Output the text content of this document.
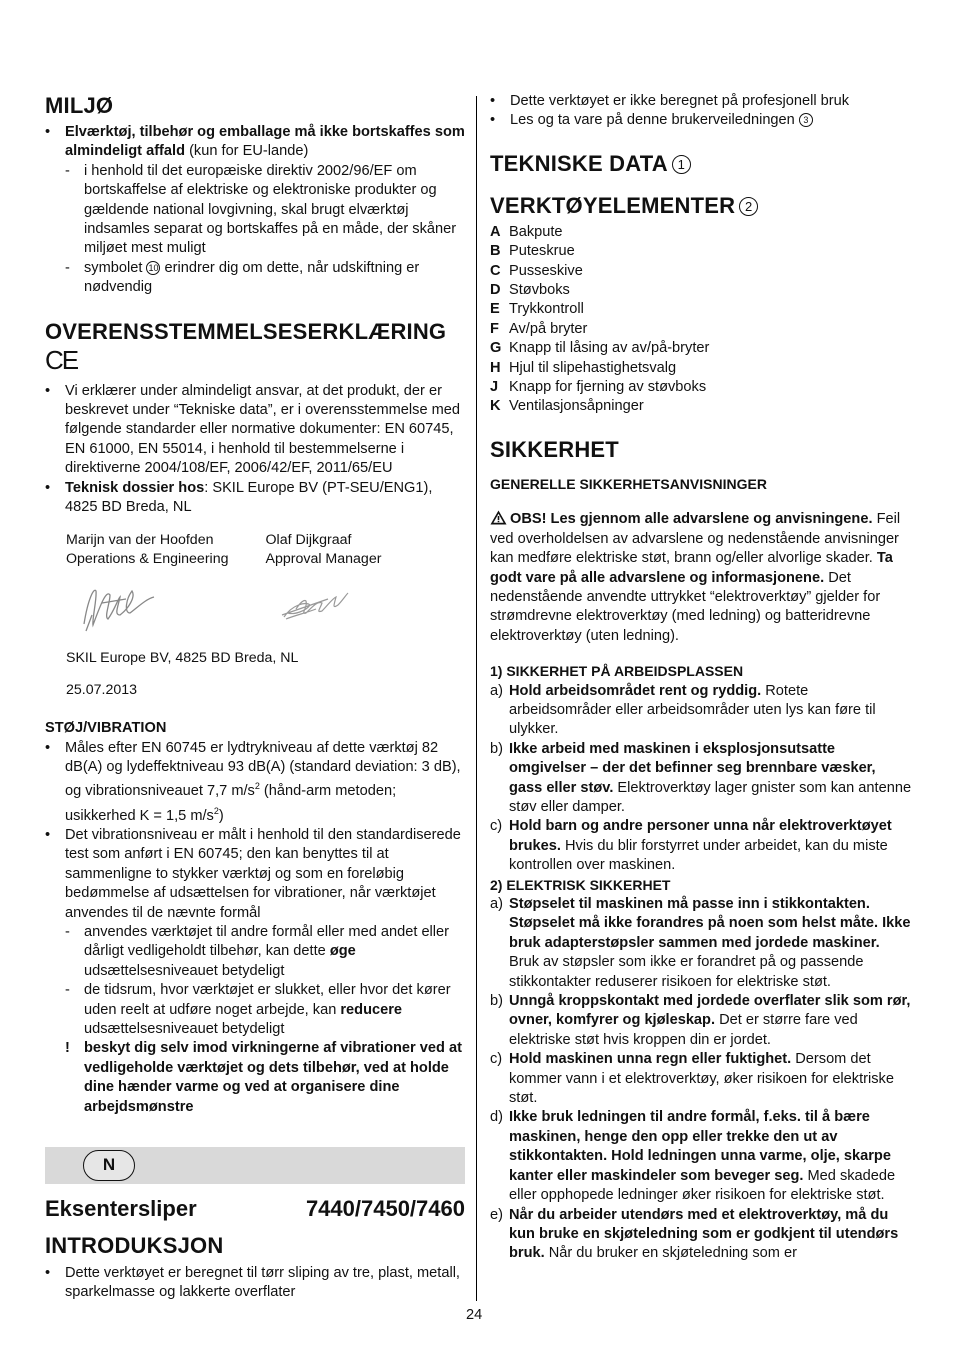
MILJØ
• Elværktøj, tilbehør og emballage må ikke bortskaffes som almindeligt affald (kun for EU-lande)
- i henhold til det europæiske direktiv 2002/96/EF om bortskaffelse af elektriske og elektroniske produkter og gældende national lovgivning, skal brugt elværktøj indsamles separat og bortskaffes på en måde, der skåner miljøet mest muligt
- symbolet 10 erindrer dig om dette, når udskiftning er nødvendig
OVERENSSTEMMELSESERKLÆRING
CE
• Vi erklærer under almindeligt ansvar, at det produkt, der er beskrevet under “Tekniske data”, er i overensstemmelse med følgende standarder eller normative dokumenter: EN 60745, EN 61000, EN 55014, i henhold til bestemmelserne i direktiverne 2004/108/EF, 2006/42/EF, 2011/65/EU
• Teknisk dossier hos: SKIL Europe BV (PT-SEU/ENG1), 4825 BD Breda, NL
Marijn van der Hoofden
Operations & Engineering
Olaf Dijkgraaf
Approval Manager
SKIL Europe BV, 4825 BD Breda, NL
25.07.2013
STØJ/VIBRATION
• Måles efter EN 60745 er lydtrykniveau af dette værktøj 82 dB(A) og lydeffektniveau 93 dB(A) (standard deviation: 3 dB), og vibrationsniveauet 7,7 $m/s^2$ (hånd-arm metoden; usikkerhed K = 1,5 $m/s^2$)
• Det vibrationsniveau er målt i henhold til den standardiserede test som anført i EN 60745; den kan benyttes til at sammenligne to stykker værktøj og som en foreløbig bedømmelse af udsættelsen for vibrationer, når værktøjet anvendes til de nævnte formål
- anvendes værktøjet til andre formål eller med andet eller dårligt vedligeholdt tilbehør, kan dette øge udsættelsesniveauet betydeligt
- de tidsrum, hvor værktøjet er slukket, eller hvor det kører uden reelt at udføre noget arbejde, kan reducere udsættelsesniveauet betydeligt
! beskyt dig selv imod virkningerne af vibrationer ved at vedligeholde værktøjet og dets tilbehør, ved at holde dine hænder varme og ved at organisere dine arbejdsmønstre
N
Eksentersliper	7440/7450/7460
INTRODUKSJON
• Dette verktøyet er beregnet til tørr sliping av tre, plast, metall, sparkelmasse og lakkerte overflater
• Dette verktøyet er ikke beregnet på profesjonell bruk
• Les og ta vare på denne brukerveiledningen 3
TEKNISKE DATA 1
VERKTØYELEMENTER 2
A Bakpute
B Puteskrue
C Pusseskive
D Støvboks
E Trykkontroll
F Av/på bryter
G Knapp til låsing av av/på-bryter
H Hjul til slipehastighetsvalg
J Knapp for fjerning av støvboks
K Ventilasjonsåpninger
SIKKERHET
GENERELLE SIKKERHETSANVISNINGER
OBS! Les gjennom alle advarslene og anvisningene. Feil ved overholdelsen av advarslene og nedenstående anvisninger kan medføre elektriske støt, brann og/eller alvorlige skader. Ta godt vare på alle advarslene og informasjonene. Det nedenstående anvendte uttrykket “elektroverktøy” gjelder for strømdrevne elektroverktøy (med ledning) og batteridrevne elektroverktøy (uten ledning).
1) SIKKERHET PÅ ARBEIDSPLASSEN
a) Hold arbeidsområdet rent og ryddig. Rotete arbeidsområder eller arbeidsområder uten lys kan føre til ulykker.
b) Ikke arbeid med maskinen i eksplosjonsutsatte omgivelser – der det befinner seg brennbare væsker, gass eller støv. Elektroverktøy lager gnister som kan antenne støv eller damper.
c) Hold barn og andre personer unna når elektroverktøyet brukes. Hvis du blir forstyrret under arbeidet, kan du miste kontrollen over maskinen.
2) ELEKTRISK SIKKERHET
a) Støpselet til maskinen må passe inn i stikkontakten. Støpselet må ikke forandres på noen som helst måte. Ikke bruk adapterstøpsler sammen med jordede maskiner. Bruk av støpsler som ikke er forandret på og passende stikkontakter reduserer risikoen for elektriske støt.
b) Unngå kroppskontakt med jordede overflater slik som rør, ovner, komfyrer og kjøleskap. Det er større fare ved elektriske støt hvis kroppen din er jordet.
c) Hold maskinen unna regn eller fuktighet. Dersom det kommer vann i et elektroverktøy, øker risikoen for elektriske støt.
d) Ikke bruk ledningen til andre formål, f.eks. til å bære maskinen, henge den opp eller trekke den ut av stikkontakten. Hold ledningen unna varme, olje, skarpe kanter eller maskindeler som beveger seg. Med skadede eller opphopede ledninger øker risikoen for elektriske støt.
e) Når du arbeider utendørs med et elektroverktøy, må du kun bruke en skjøteledning som er godkjent til utendørs bruk. Når du bruker en skjøteledning som er
24
